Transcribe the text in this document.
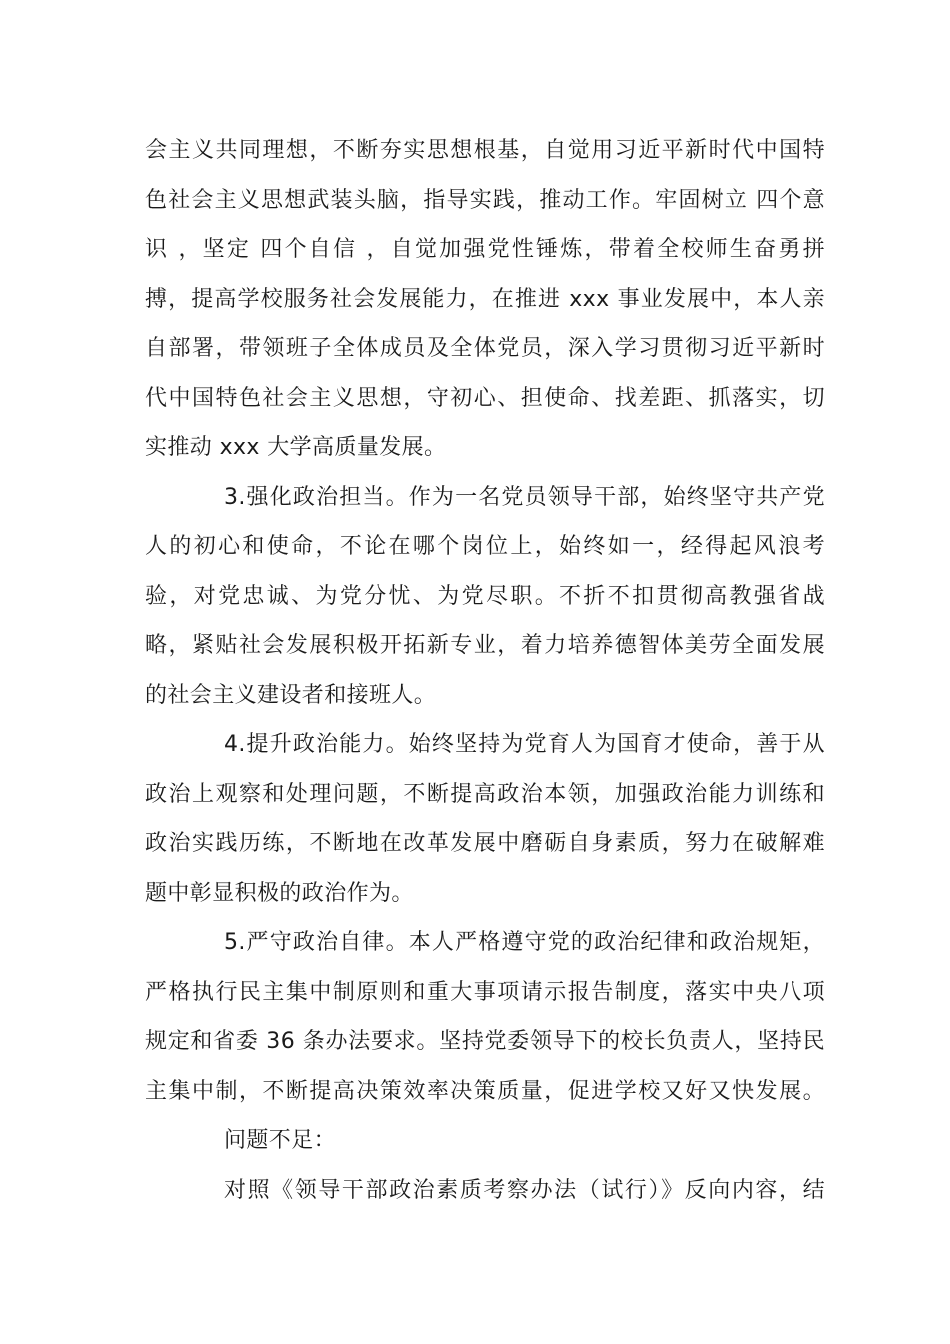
会主义共同理想，不断夯实思想根基，自觉用习近平新时代中国特
色社会主义思想武装头脑，指导实践，推动工作。牢固树立 四个意
识 ，坚定 四个自信 ，自觉加强党性锤炼，带着全校师生奋勇拼
搏，提高学校服务社会发展能力，在推进 xxx 事业发展中，本人亲
自部署，带领班子全体成员及全体党员，深入学习贯彻习近平新时
代中国特色社会主义思想，守初心、担使命、找差距、抓落实，切
实推动 xxx 大学高质量发展。
3.强化政治担当。作为一名党员领导干部，始终坚守共产党
人的初心和使命，不论在哪个岗位上，始终如一，经得起风浪考
验，对党忠诚、为党分忧、为党尽职。不折不扣贯彻高教强省战
略，紧贴社会发展积极开拓新专业，着力培养德智体美劳全面发展
的社会主义建设者和接班人。
4.提升政治能力。始终坚持为党育人为国育才使命，善于从
政治上观察和处理问题，不断提高政治本领，加强政治能力训练和
政治实践历练，不断地在改革发展中磨砺自身素质，努力在破解难
题中彰显积极的政治作为。
5.严守政治自律。本人严格遵守党的政治纪律和政治规矩，
严格执行民主集中制原则和重大事项请示报告制度，落实中央八项
规定和省委 36 条办法要求。坚持党委领导下的校长负责人，坚持民
主集中制，不断提高决策效率决策质量，促进学校又好又快发展。
问题不足：
对照《领导干部政治素质考察办法（试行）》反向内容，结
